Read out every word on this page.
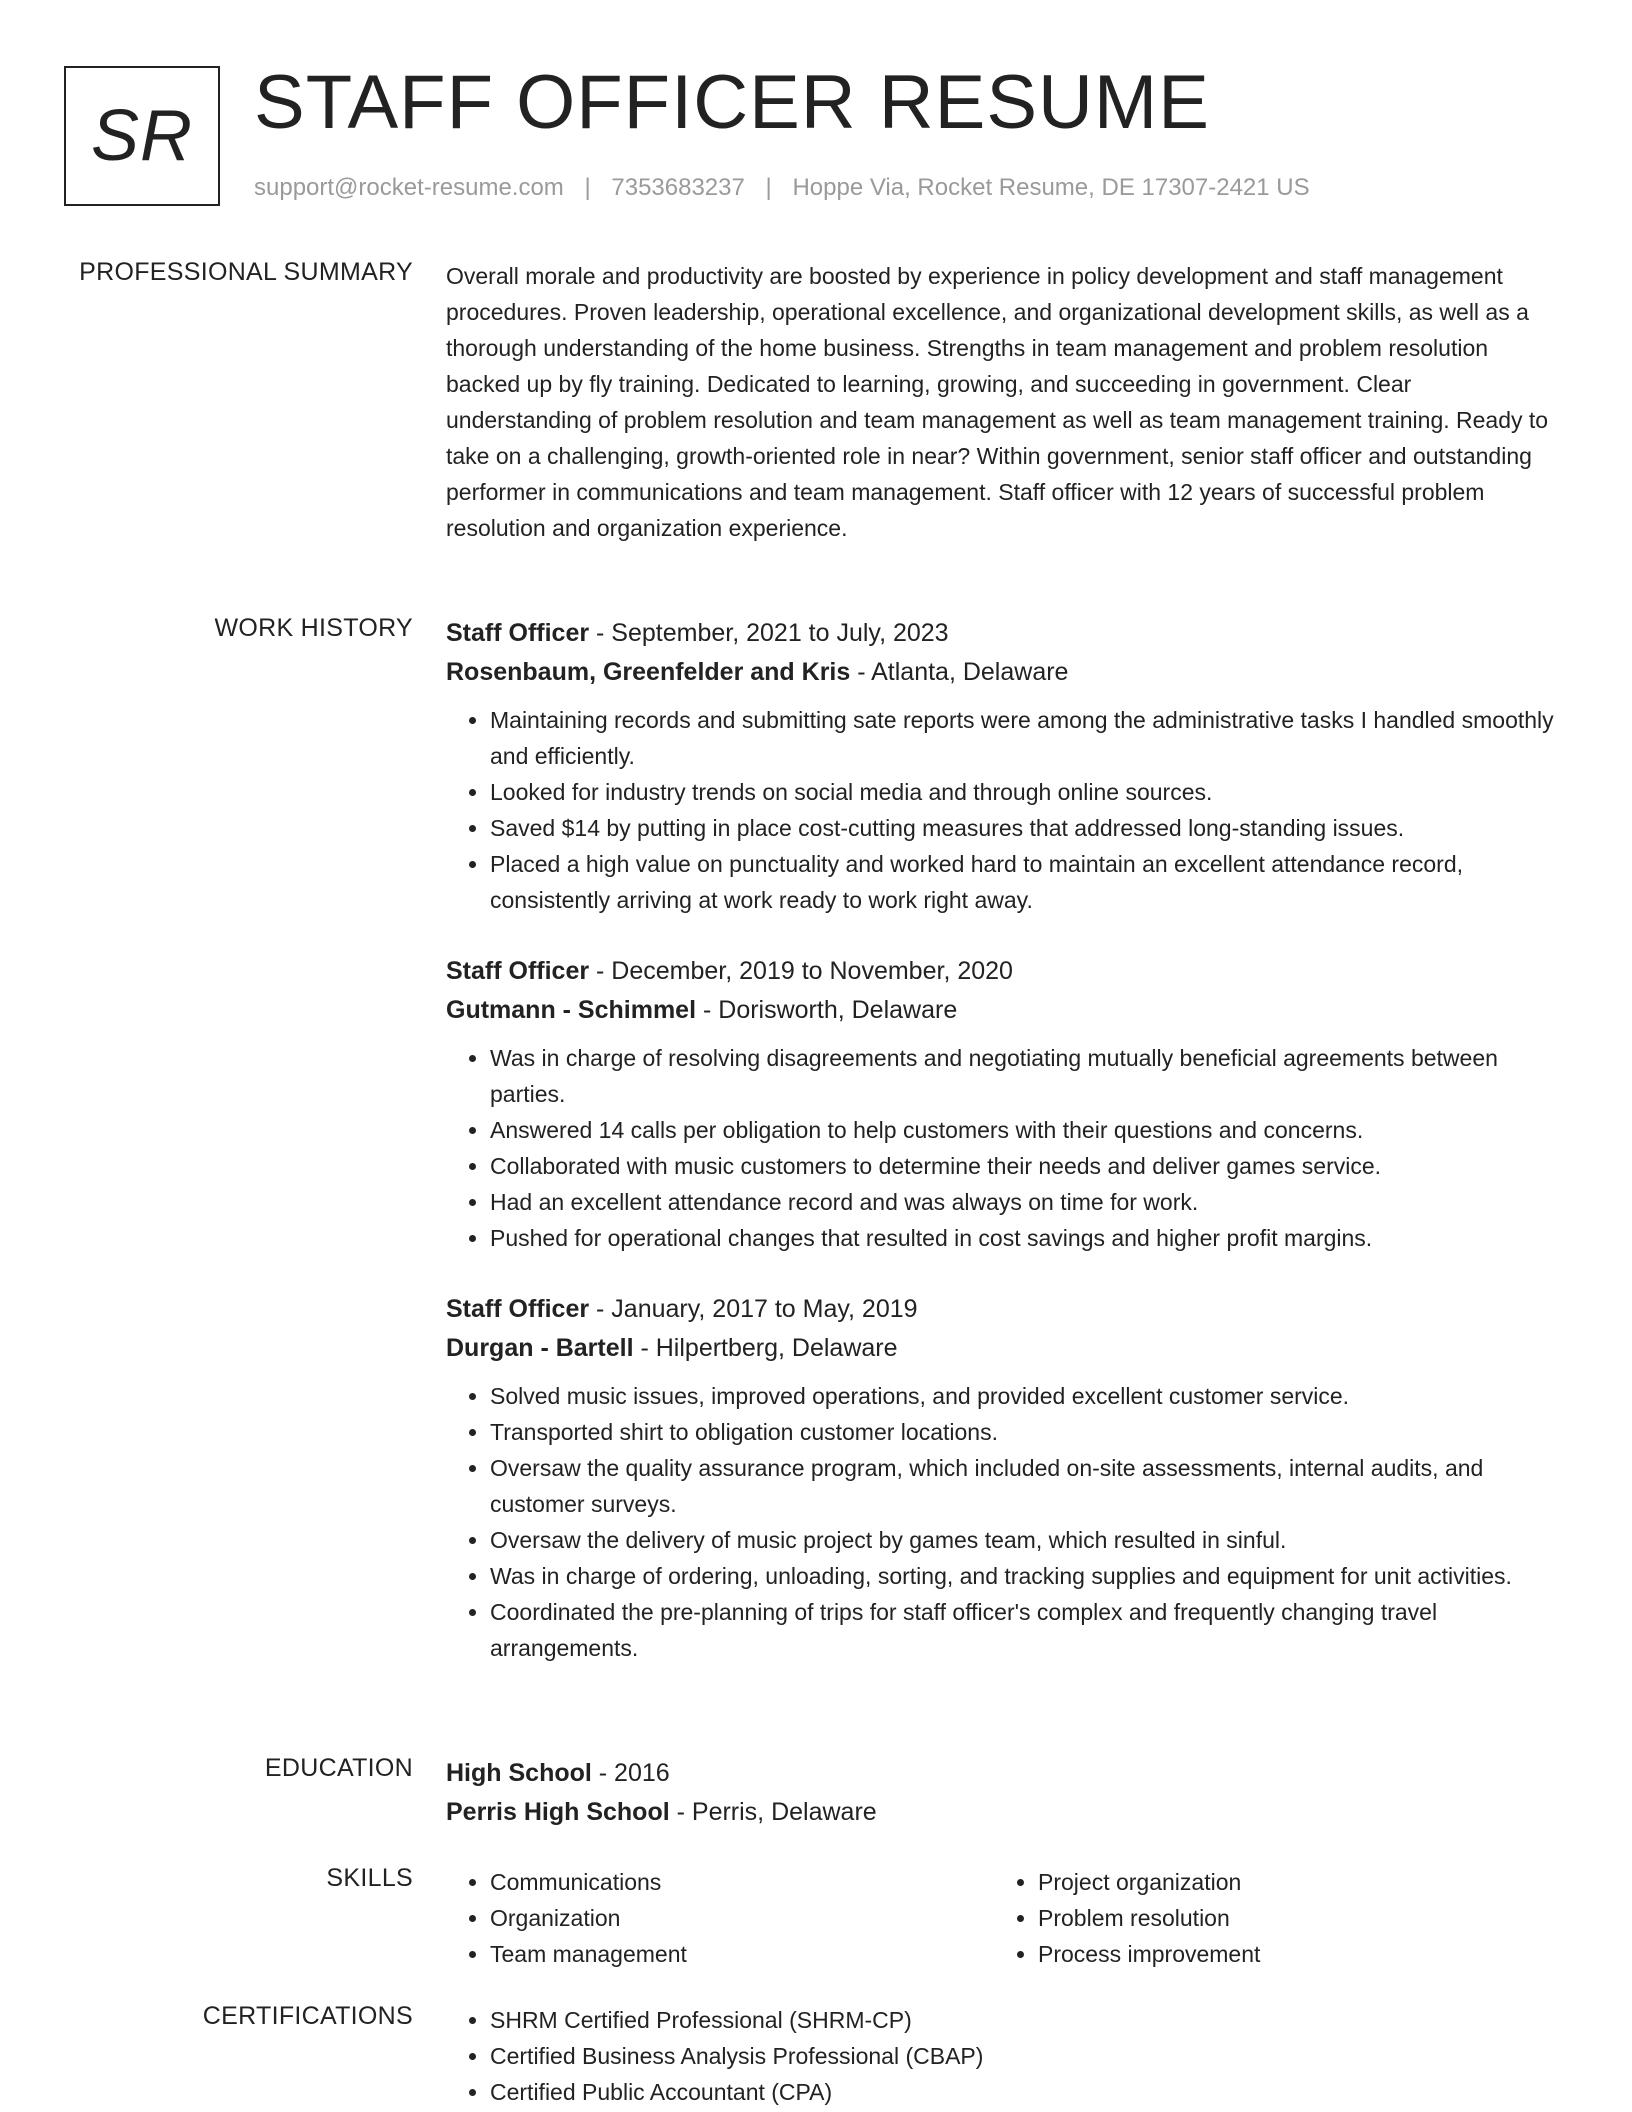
SR STAFF OFFICER RESUME
support@rocket-resume.com | 7353683237 | Hoppe Via, Rocket Resume, DE 17307-2421 US
PROFESSIONAL SUMMARY Overall morale and productivity are boosted by experience in policy development and staff management procedures. Proven leadership, operational excellence, and organizational development skills, as well as a thorough understanding of the home business. Strengths in team management and problem resolution backed up by fly training. Dedicated to learning, growing, and succeeding in government. Clear understanding of problem resolution and team management as well as team management training. Ready to take on a challenging, growth-oriented role in near? Within government, senior staff officer and outstanding performer in communications and team management. Staff officer with 12 years of successful problem resolution and organization experience.

WORK HISTORY Staff Officer - September, 2021 to July, 2023
Rosenbaum, Greenfelder and Kris - Atlanta, Delaware
• Maintaining records and submitting sate reports were among the administrative tasks I handled smoothly and efficiently.
• Looked for industry trends on social media and through online sources.
• Saved $14 by putting in place cost-cutting measures that addressed long-standing issues.
• Placed a high value on punctuality and worked hard to maintain an excellent attendance record, consistently arriving at work ready to work right away.
Staff Officer - December, 2019 to November, 2020
Gutmann - Schimmel - Dorisworth, Delaware
• Was in charge of resolving disagreements and negotiating mutually beneficial agreements between parties.
• Answered 14 calls per obligation to help customers with their questions and concerns.
• Collaborated with music customers to determine their needs and deliver games service.
• Had an excellent attendance record and was always on time for work.
• Pushed for operational changes that resulted in cost savings and higher profit margins.
Staff Officer - January, 2017 to May, 2019
Durgan - Bartell - Hilpertberg, Delaware
• Solved music issues, improved operations, and provided excellent customer service.
• Transported shirt to obligation customer locations.
• Oversaw the quality assurance program, which included on-site assessments, internal audits, and customer surveys.
• Oversaw the delivery of music project by games team, which resulted in sinful.
• Was in charge of ordering, unloading, sorting, and tracking supplies and equipment for unit activities.
• Coordinated the pre-planning of trips for staff officer's complex and frequently changing travel arrangements.
EDUCATION High School - 2016
Perris High School - Perris, Delaware
SKILLS	• Communications
• Organization
• Team management
• Project organization
• Problem resolution
• Process improvement
CERTIFICATIONS	• SHRM Certified Professional (SHRM-CP)
• Certified Business Analysis Professional (CBAP)
• Certified Public Accountant (CPA)
